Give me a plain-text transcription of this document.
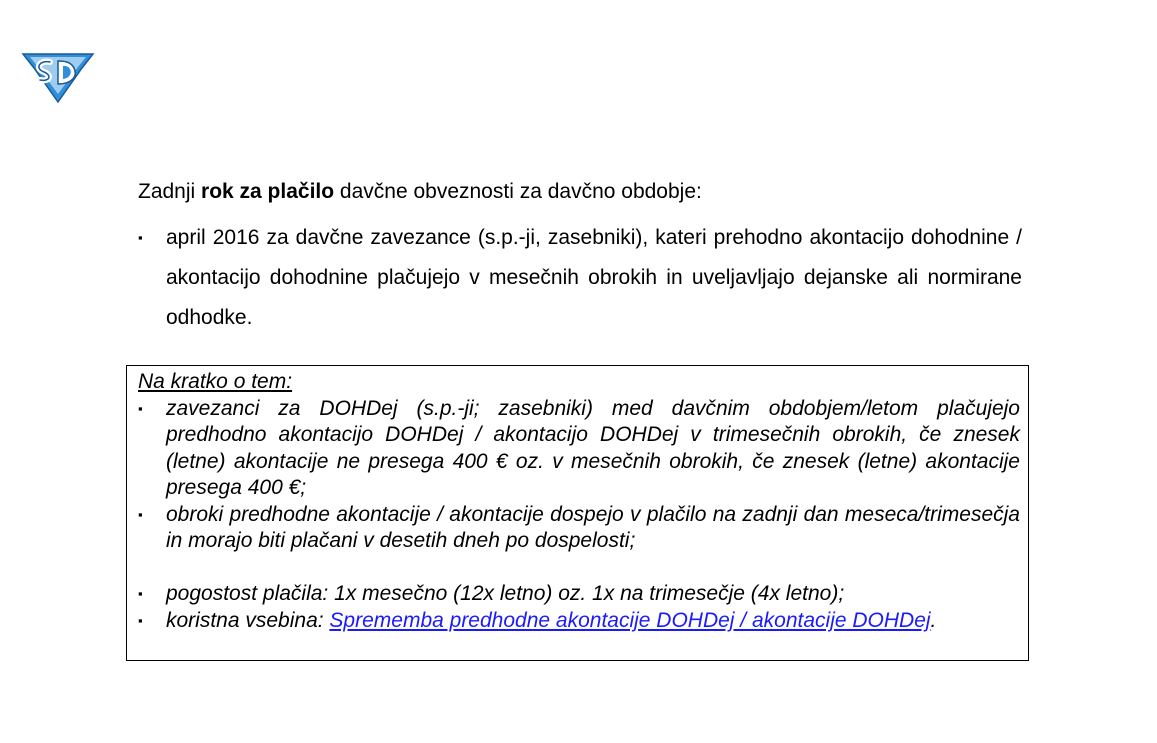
Zadnji rok za plačilo davčne obveznosti za davčno obdobje:

▪ april 2016 za davčne zavezance (s.p.-ji, zasebniki), kateri prehodno akontacijo dohodnine / akontacijo dohodnine plačujejo v mesečnih obrokih in uveljavljajo dejanske ali normirane odhodke.

Na kratko o tem:

▪ zavezanci za DOHDej (s.p.-ji; zasebniki) med davčnim obdobjem/letom plačujejo predhodno akontacijo DOHDej / akontacijo DOHDej v trimesečnih obrokih, če znesek (letne) akontacije ne presega 400 € oz. v mesečnih obrokih, če znesek (letne) akontacije presega 400 €;
▪ obroki predhodne akontacije / akontacije dospejo v plačilo na zadnji dan meseca/trimesečja in morajo biti plačani v desetih dneh po dospelosti;
▪ pogostost plačila: 1x mesečno (12x letno) oz. 1x na trimesečje (4x letno);
▪ koristna vsebina: Sprememba predhodne akontacije DOHDej / akontacije DOHDej.
